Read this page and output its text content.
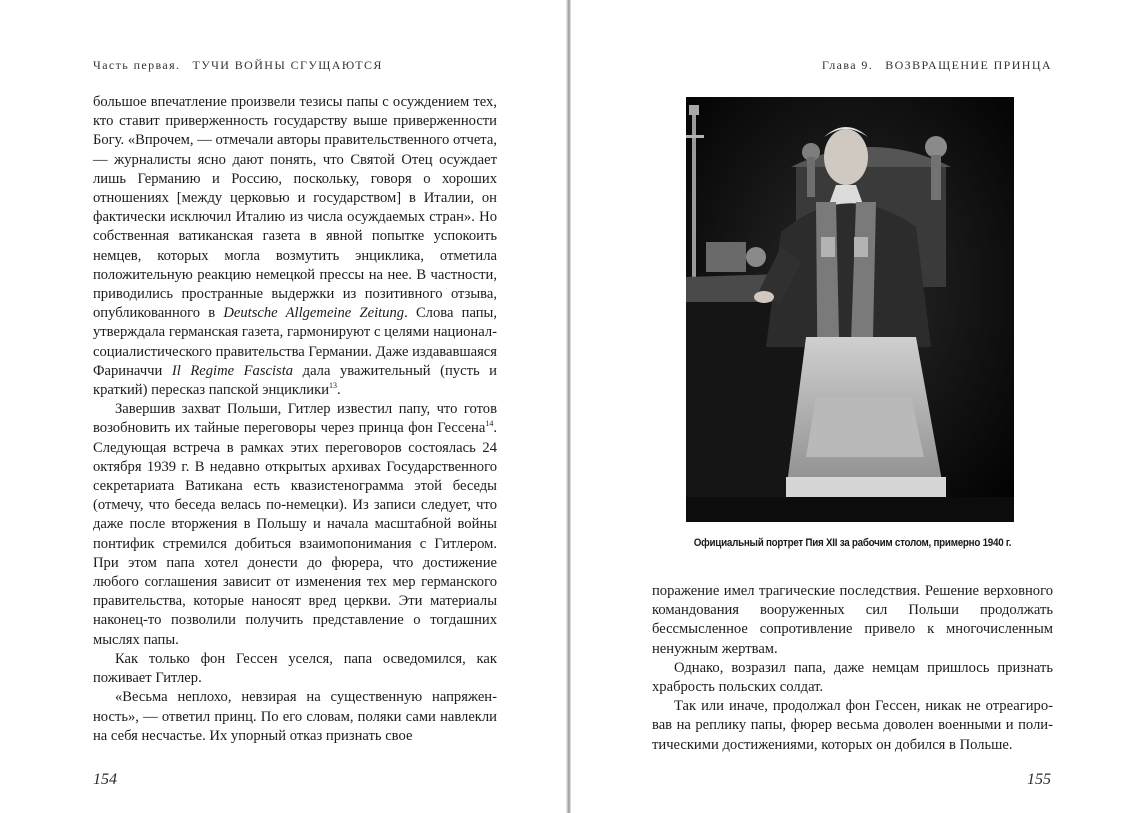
Часть первая. ТУЧИ ВОЙНЫ СГУЩАЮТСЯ

большое впечатление произвели тезисы папы с осуждением тех, кто ставит приверженность государству выше приверженности Богу. «Впрочем, — отмечали авторы правительственного отчета, — журналисты ясно дают понять, что Святой Отец осуждает лишь Германию и Россию, поскольку, говоря о хороших отношениях [между церковью и государством] в Италии, он фактически исключил Италию из числа осуждаемых стран». Но собственная ватиканская газета в явной попытке успокоить немцев, которых могла возмутить энциклика, отметила положительную реакцию немецкой прессы на нее. В частности, приводились пространные выдержки из позитивного отзыва, опубликованного в Deutsche Allgemeine Zeitung. Слова папы, утверждала германская газета, гармонируют с целями национал-социалистического правительства Германии. Даже издававшаяся Фариначчи Il Regime Fascista дала уважительный (пусть и краткий) пересказ папской энциклики$^{13}$.

Завершив захват Польши, Гитлер известил папу, что готов возобновить их тайные переговоры через принца фон Гессена$^{14}$. Следующая встреча в рамках этих переговоров состоялась 24 октября 1939 г. В недавно открытых архивах Государственного секретариата Ватикана есть квазистенограмма этой беседы (отмечу, что беседа велась по-немецки). Из записи следует, что даже после вторжения в Польшу и начала масштабной войны понтифик стремился добиться взаимопонимания с Гитлером. При этом папа хотел донести до фюрера, что достижение любого соглашения зависит от изменения тех мер германского правительства, которые наносят вред церкви. Эти материалы наконец-то позволили получить представление о тогдашних мыслях папы.

Как только фон Гессен уселся, папа осведомился, как поживает Гитлер.

«Весьма неплохо, невзирая на существенную напряженность», — ответил принц. По его словам, поляки сами навлекли на себя несчастье. Их упорный отказ признать свое

154
Глава 9. ВОЗВРАЩЕНИЕ ПРИНЦА
Официальный портрет Пия XII за рабочим столом, примерно 1940 г.

поражение имел трагические последствия. Решение верховного командования вооруженных сил Польши продолжать бессмысленное сопротивление привело к многочисленным ненужным жертвам.

Однако, возразил папа, даже немцам пришлось признать храбрость польских солдат.

Так или иначе, продолжал фон Гессен, никак не отреагировав на реплику папы, фюрер весьма доволен военными и политическими достижениями, которых он добился в Польше.

155
